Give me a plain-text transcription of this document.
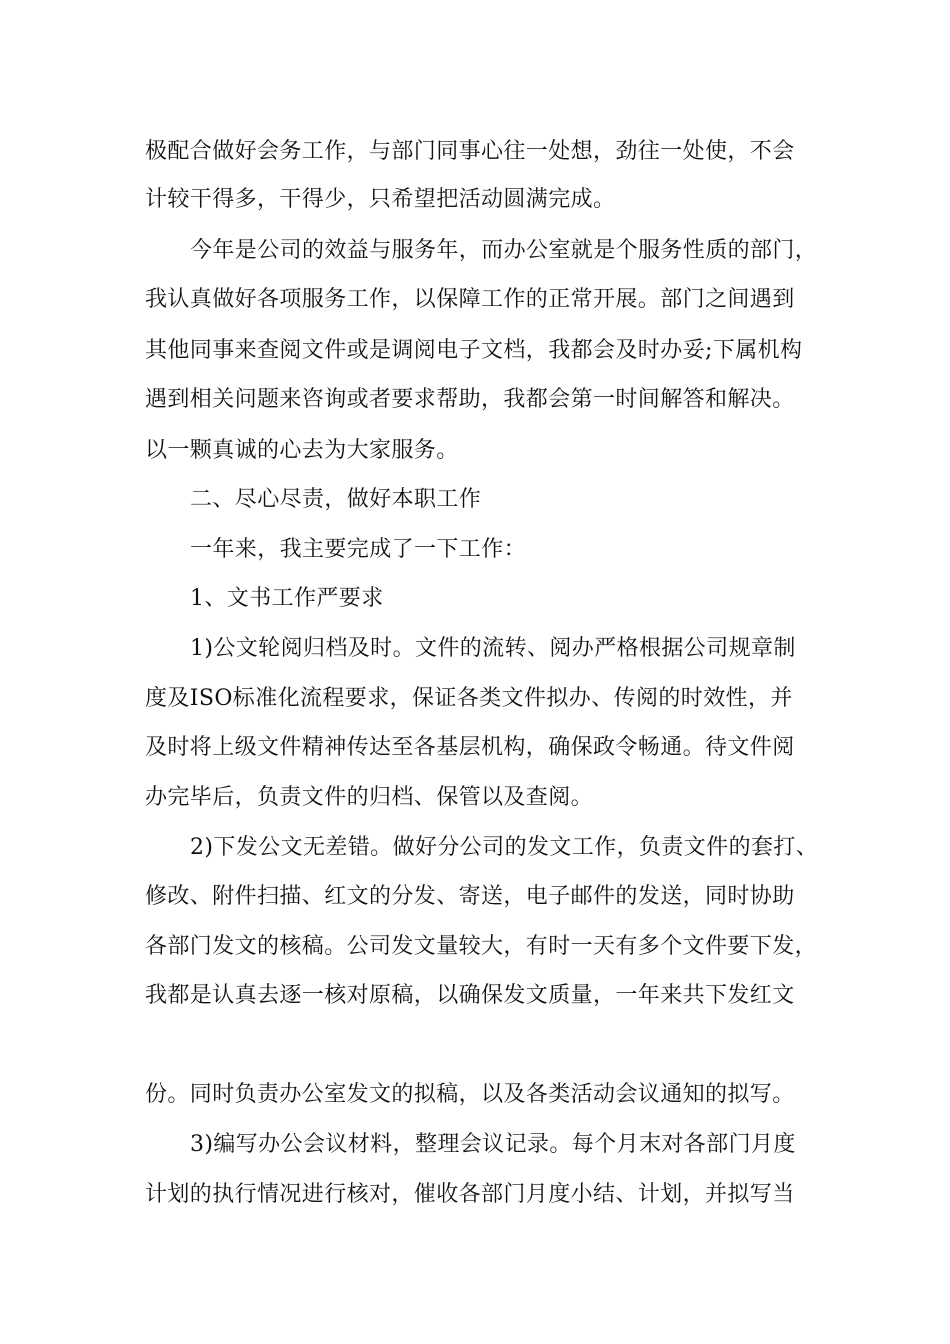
极配合做好会务工作，与部门同事心往一处想，劲往一处使，不会

计较干得多，干得少，只希望把活动圆满完成。

今年是公司的效益与服务年，而办公室就是个服务性质的部门，

我认真做好各项服务工作，以保障工作的正常开展。部门之间遇到

其他同事来查阅文件或是调阅电子文档，我都会及时办妥;下属机构

遇到相关问题来咨询或者要求帮助，我都会第一时间解答和解决。

以一颗真诚的心去为大家服务。

二、尽心尽责，做好本职工作

一年来，我主要完成了一下工作：

1、文书工作严要求

1)公文轮阅归档及时。文件的流转、阅办严格根据公司规章制

度及ISO标准化流程要求，保证各类文件拟办、传阅的时效性，并

及时将上级文件精神传达至各基层机构，确保政令畅通。待文件阅

办完毕后，负责文件的归档、保管以及查阅。

2)下发公文无差错。做好分公司的发文工作，负责文件的套打、

修改、附件扫描、红文的分发、寄送，电子邮件的发送，同时协助

各部门发文的核稿。公司发文量较大，有时一天有多个文件要下发，

我都是认真去逐一核对原稿，以确保发文质量，一年来共下发红文

份。同时负责办公室发文的拟稿，以及各类活动会议通知的拟写。

3)编写办公会议材料，整理会议记录。每个月末对各部门月度

计划的执行情况进行核对，催收各部门月度小结、计划，并拟写当
